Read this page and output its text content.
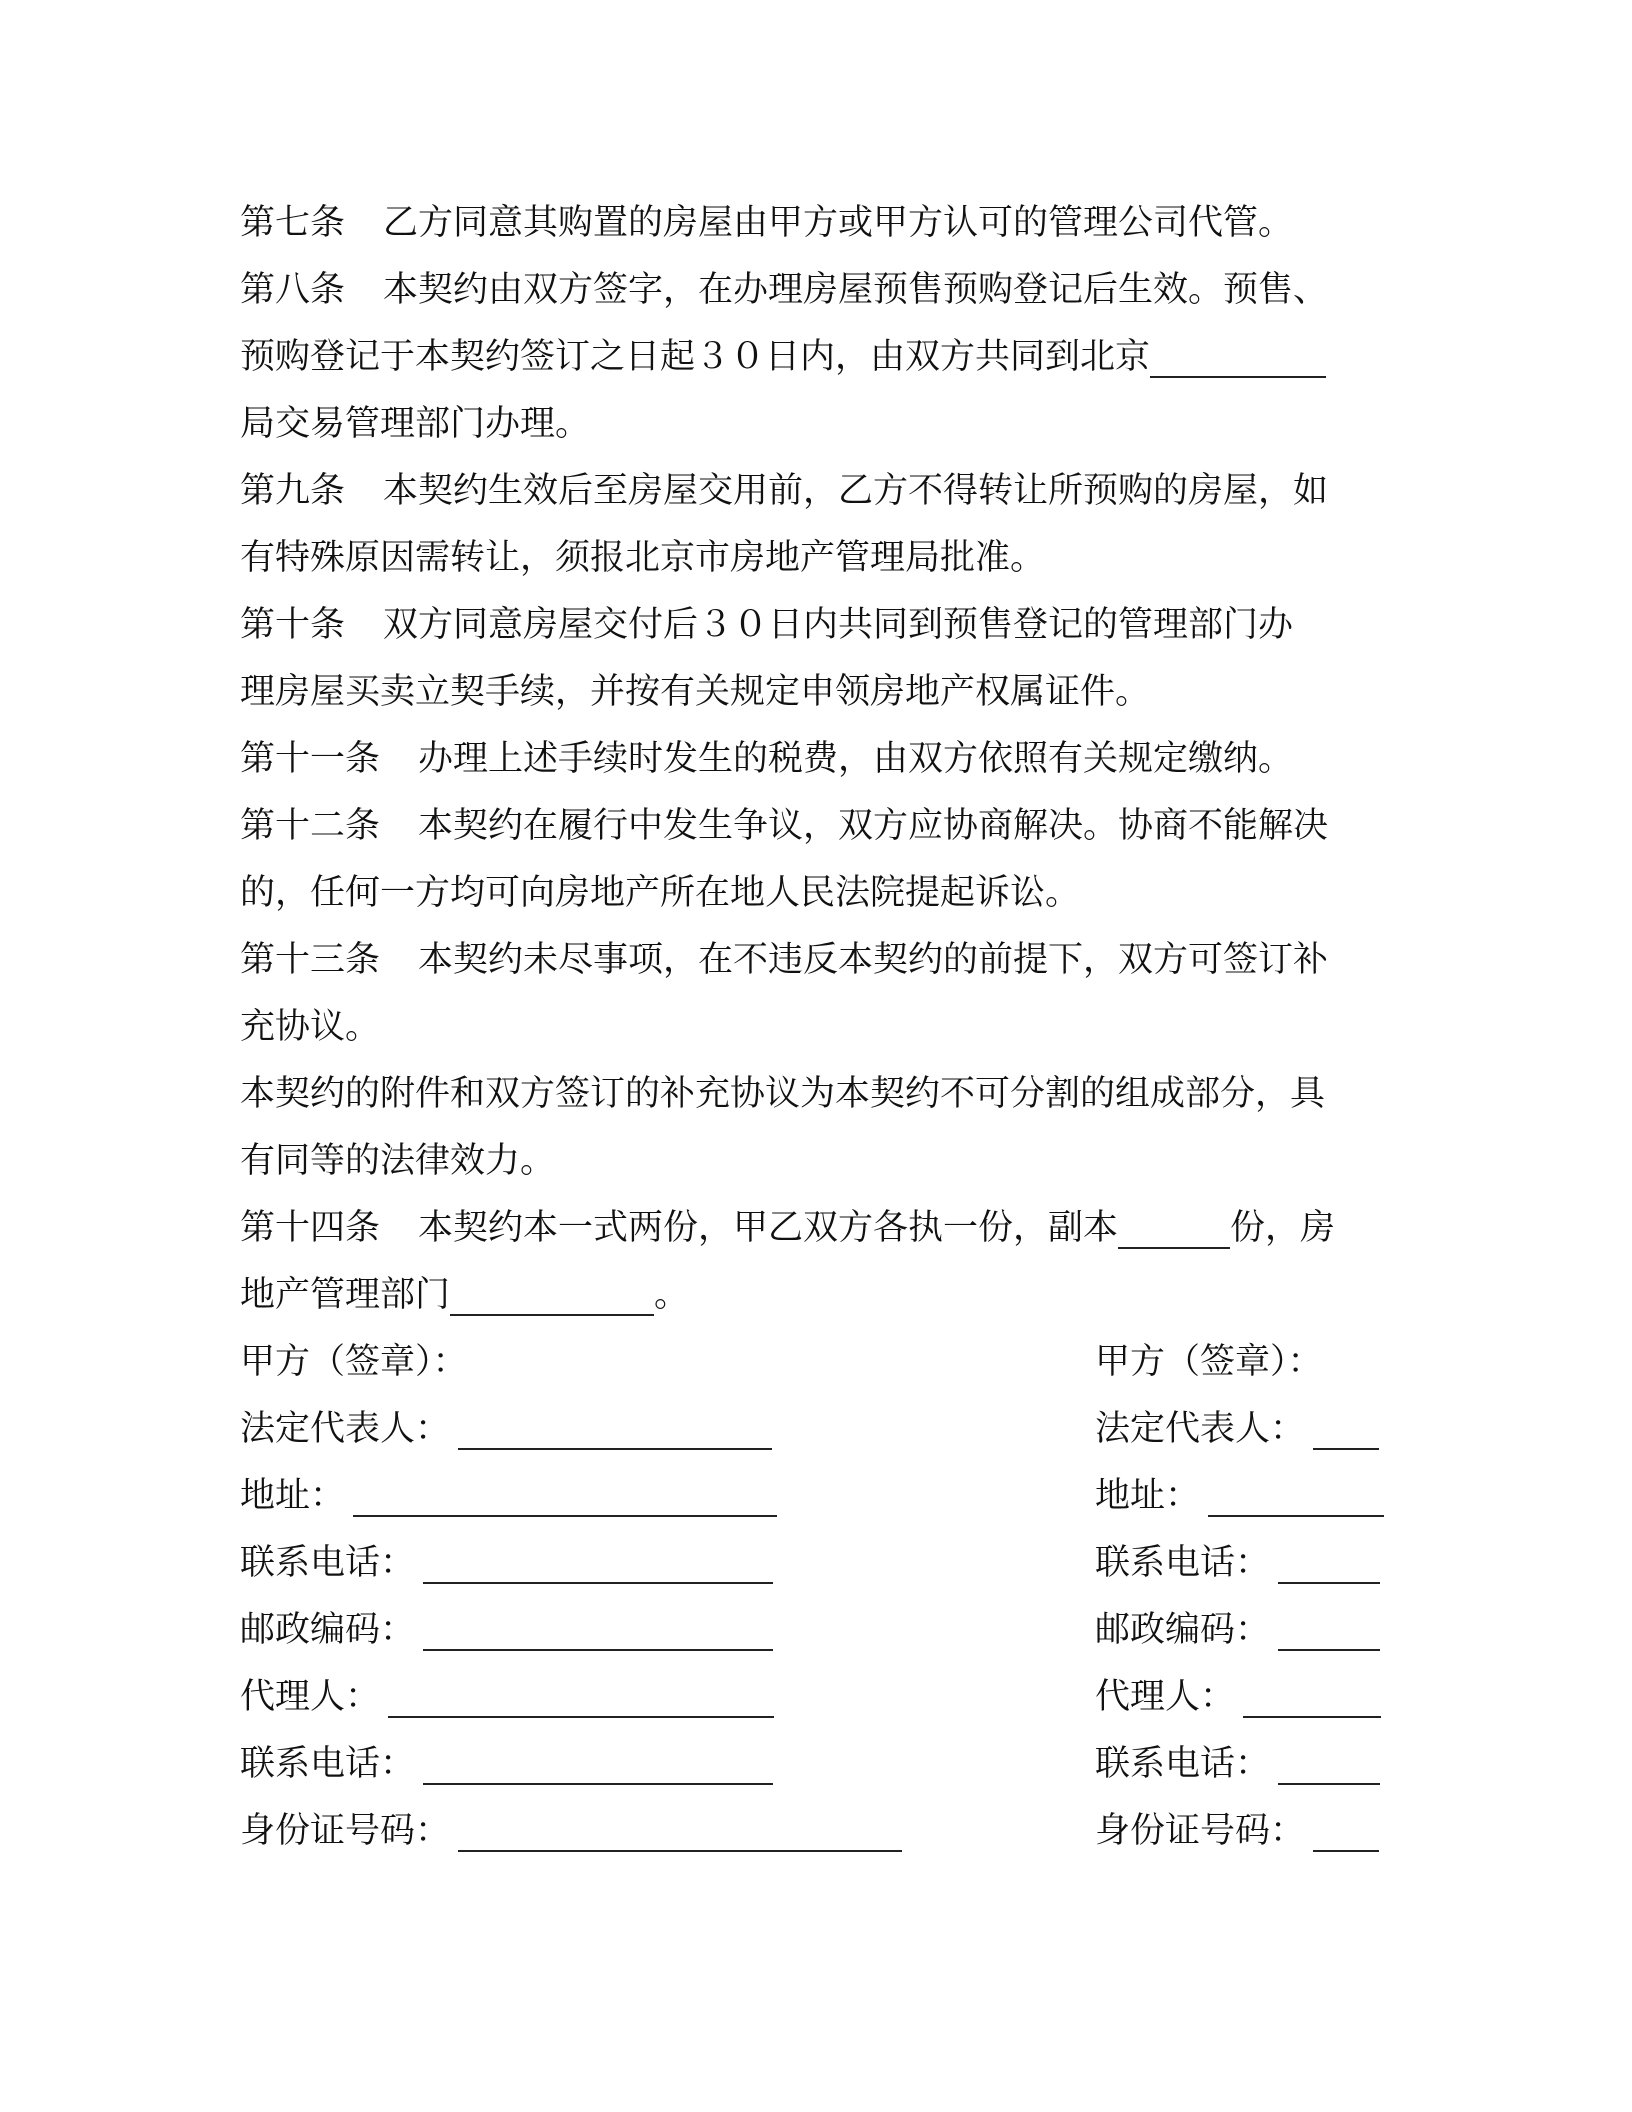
第七条 乙方同意其购置的房屋由甲方或甲方认可的管理公司代管。
第八条 本契约由双方签字，在办理房屋预售预购登记后生效。预售、
预购登记于本契约签订之日起３０日内，由双方共同到北京
局交易管理部门办理。
第九条 本契约生效后至房屋交用前，乙方不得转让所预购的房屋，如
有特殊原因需转让，须报北京市房地产管理局批准。
第十条 双方同意房屋交付后３０日内共同到预售登记的管理部门办
理房屋买卖立契手续，并按有关规定申领房地产权属证件。
第十一条 办理上述手续时发生的税费，由双方依照有关规定缴纳。
第十二条 本契约在履行中发生争议，双方应协商解决。协商不能解决
的，任何一方均可向房地产所在地人民法院提起诉讼。
第十三条 本契约未尽事项，在不违反本契约的前提下，双方可签订补
充协议。
本契约的附件和双方签订的补充协议为本契约不可分割的组成部分，具
有同等的法律效力。
第十四条 本契约本一式两份，甲乙双方各执一份，副本	份，房
地产管理部门	。
甲方（签章）：	甲方（签章）：
法定代表人：	法定代表人：
地址：	地址：
联系电话：	联系电话：
邮政编码：	邮政编码：
代理人：	代理人：
联系电话：	联系电话：
身份证号码：	身份证号码：
